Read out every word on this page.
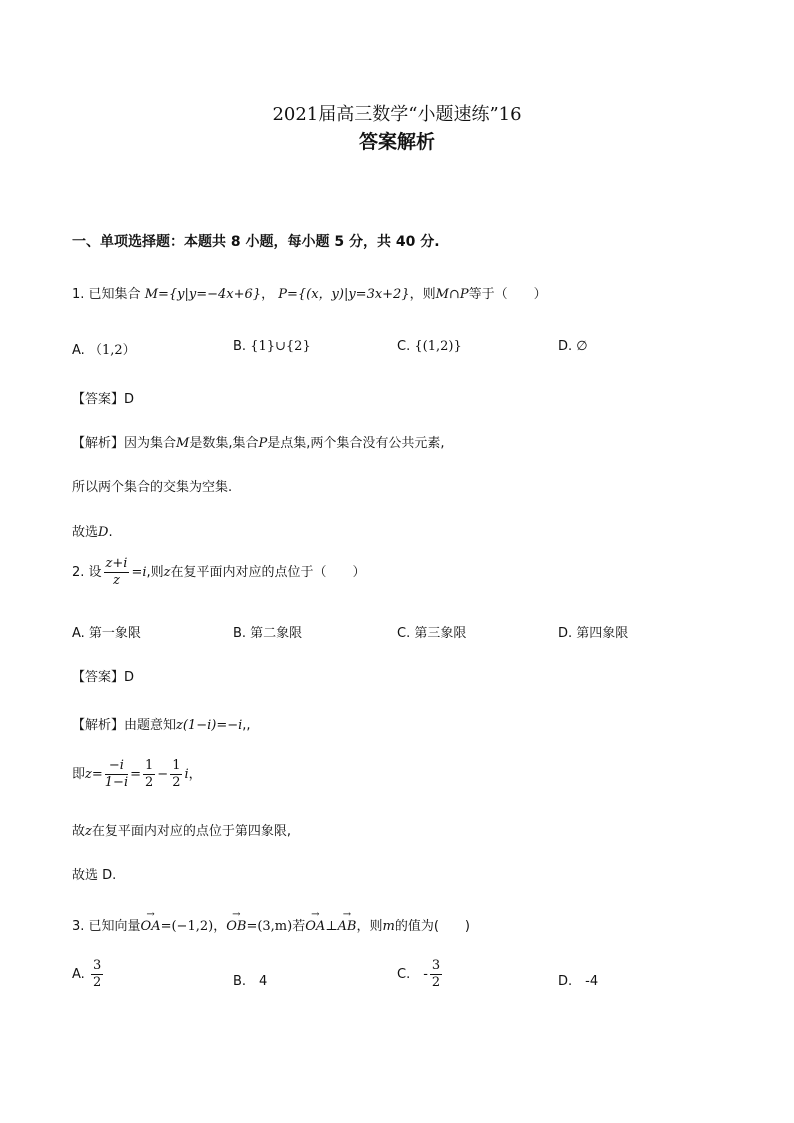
2021届高三数学“小题速练”16
答案解析
一、单项选择题：本题共 8 小题，每小题 5 分，共 40 分.
1. 已知集合 M={y|y=−4x+6}， P={(x，y)|y=3x+2}，则M∩P等于（　　）
A. （1,2）	B. {1}∪{2}	C. {(1,2)}	D. ∅
【答案】D
【解析】因为集合M是数集,集合P是点集,两个集合没有公共元素,
所以两个集合的交集为空集.
故选D.
2. 设 $\frac{z+i}{z} =i$,则z在复平面内对应的点位于（　　）
A. 第一象限	B. 第二象限	C. 第三象限	D. 第四象限
【答案】D
【解析】由题意知z(1−i)=−i,,
即$z= \frac{-i}{1-i} = \frac{1}{2} - \frac{1}{2}$ i，
故z在复平面内对应的点位于第四象限,
故选 D.
3. 已知向量→ OA=(−1,2)，→ OB=(3,m)若→ OA⊥→ AB，则m的值为(　　)
A. $\frac{3}{2}$	B.　4	C.　- $\frac{3}{2}$	D.　-4
